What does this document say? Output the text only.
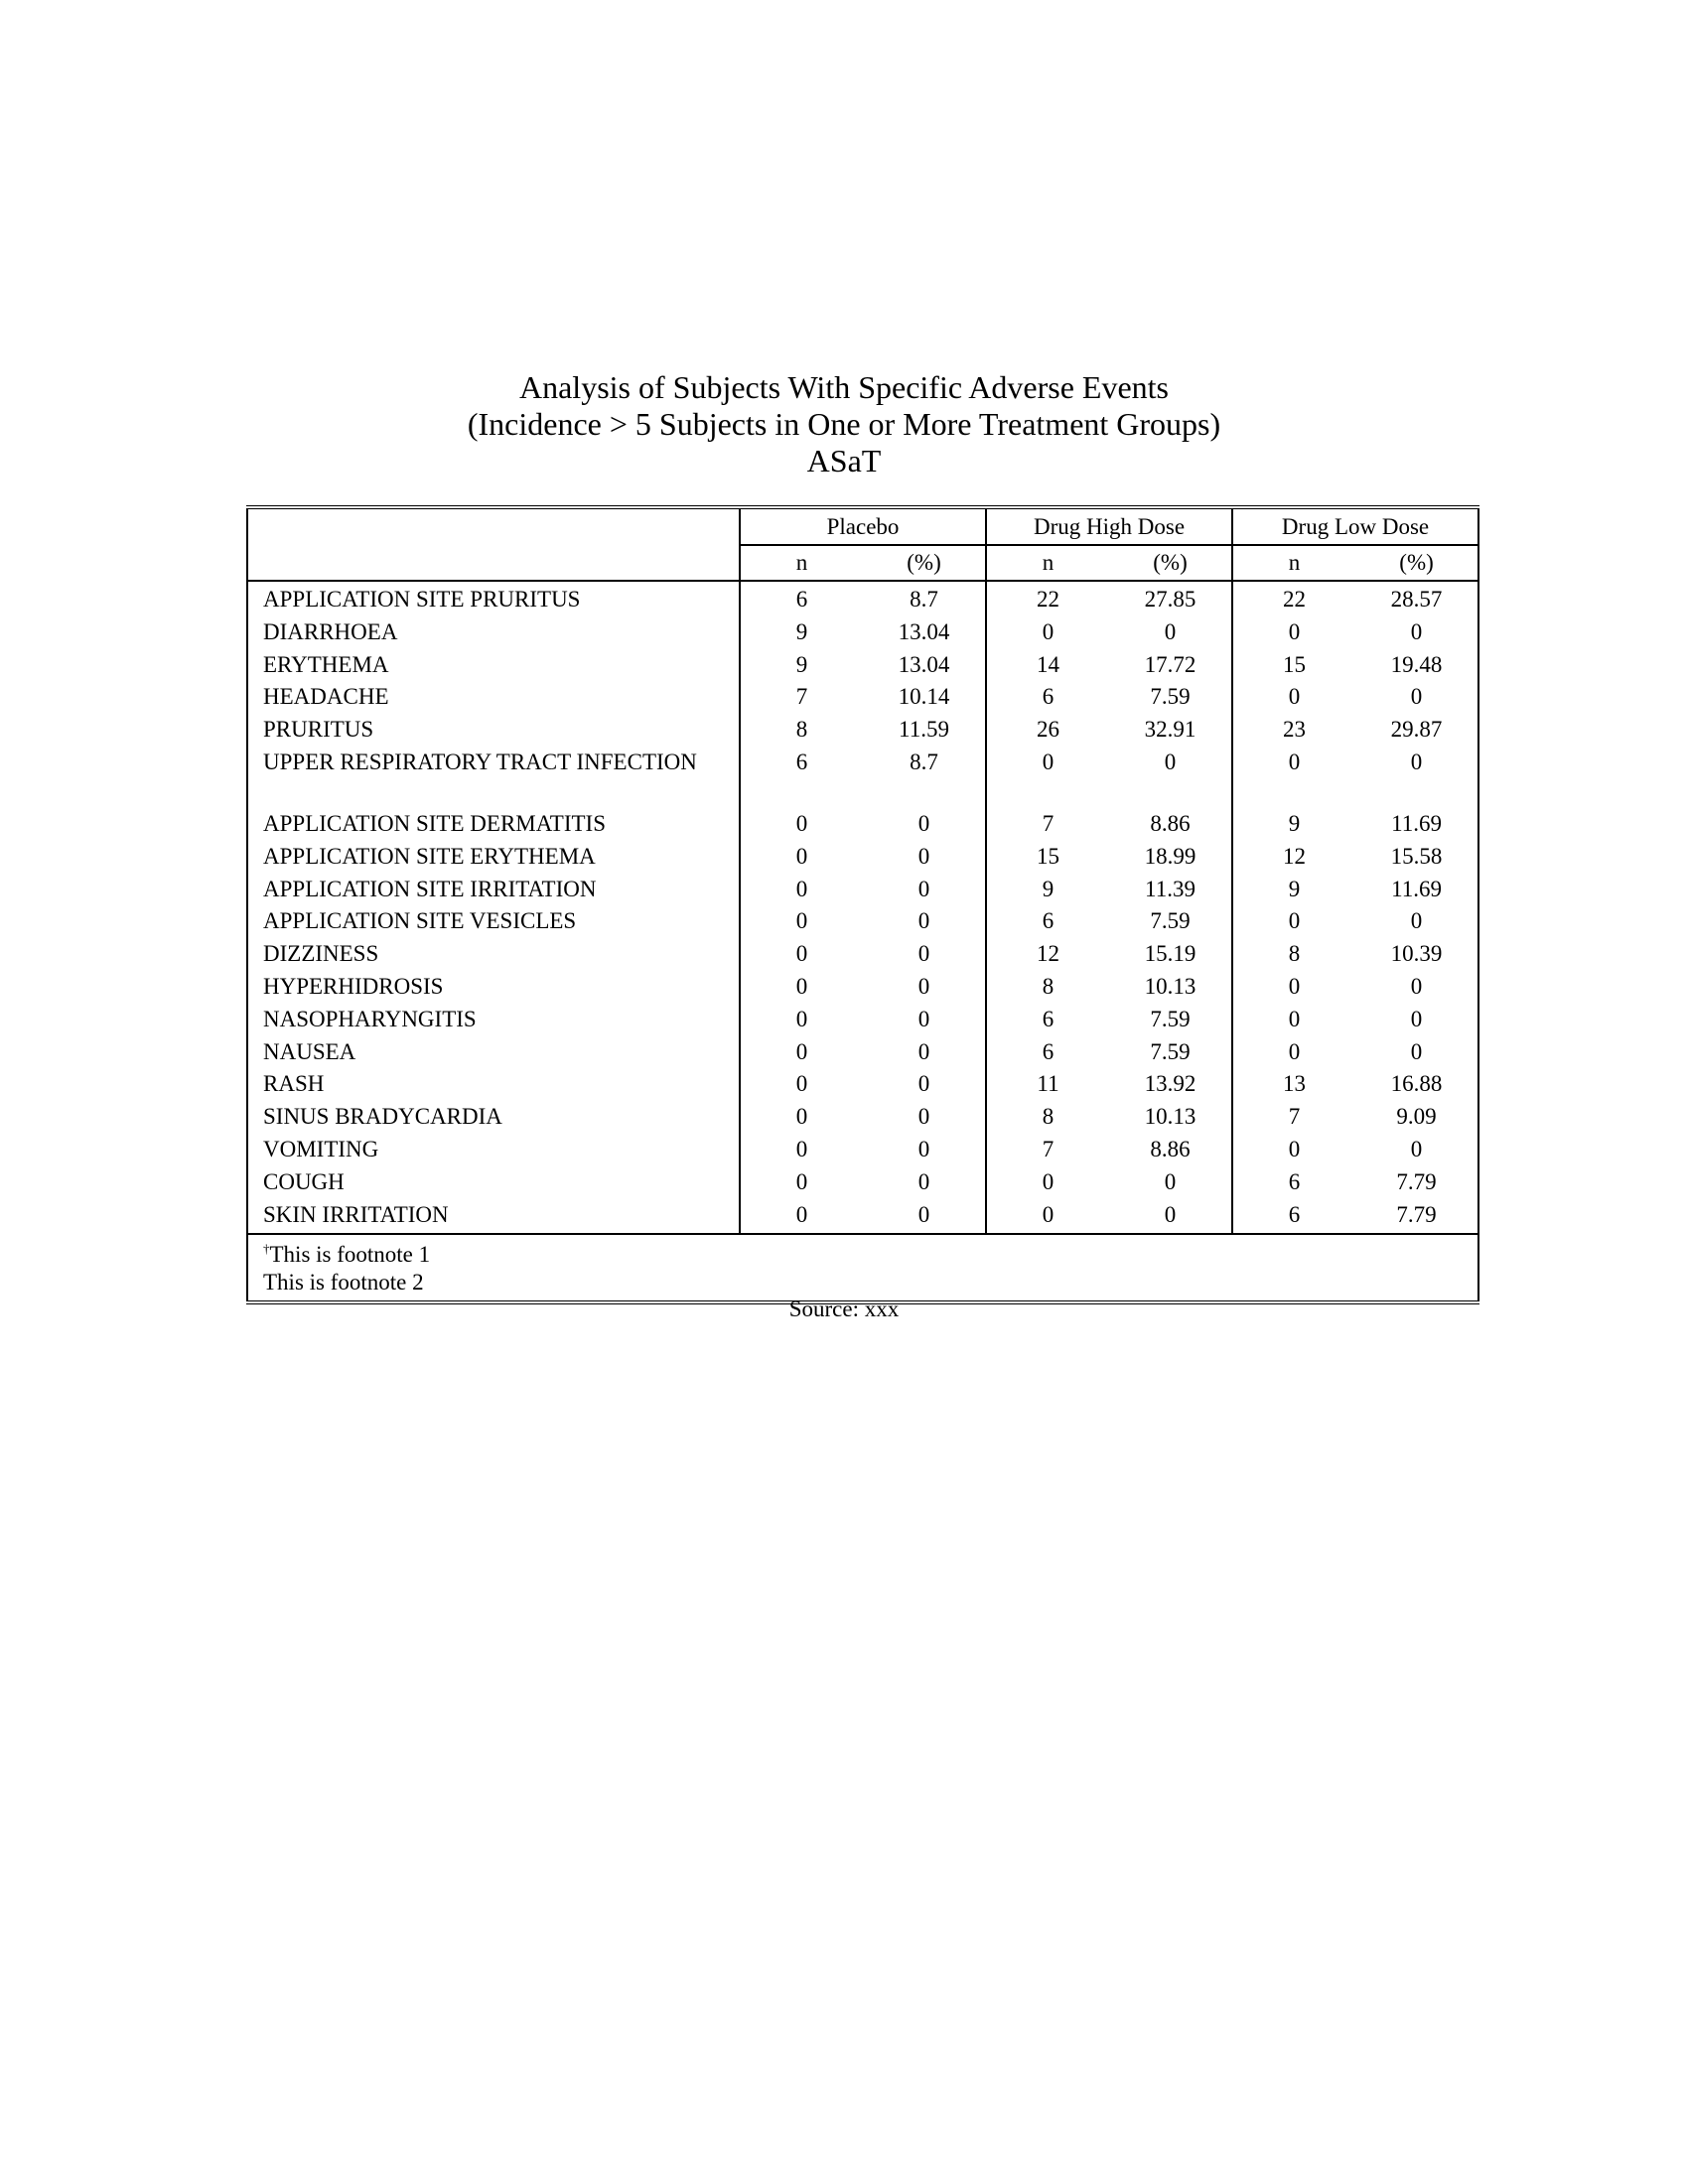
Analysis of Subjects With Specific Adverse Events
(Incidence > 5 Subjects in One or More Treatment Groups)
ASaT
	Placebo		Drug High Dose		Drug Low Dose	
	n	(%)	n	(%)	n	(%)
APPLICATION SITE PRURITUS	6	8.7	22	27.85	22	28.57
DIARRHOEA	9	13.04	0	0	0	0
ERYTHEMA	9	13.04	14	17.72	15	19.48
HEADACHE	7	10.14	6	7.59	0	0
PRURITUS	8	11.59	26	32.91	23	29.87
UPPER RESPIRATORY TRACT INFECTION	6	8.7	0	0	0	0
APPLICATION SITE DERMATITIS	0	0	7	8.86	9	11.69
APPLICATION SITE ERYTHEMA	0	0	15	18.99	12	15.58
APPLICATION SITE IRRITATION	0	0	9	11.39	9	11.69
APPLICATION SITE VESICLES	0	0	6	7.59	0	0
DIZZINESS	0	0	12	15.19	8	10.39
HYPERHIDROSIS	0	0	8	10.13	0	0
NASOPHARYNGITIS	0	0	6	7.59	0	0
NAUSEA	0	0	6	7.59	0	0
RASH	0	0	11	13.92	13	16.88
SINUS BRADYCARDIA	0	0	8	10.13	7	9.09
VOMITING	0	0	7	8.86	0	0
COUGH	0	0	0	0	6	7.79
SKIN IRRITATION	0	0	0	0	6	7.79

†This is footnote 1
This is footnote 2						
Source: xxx
